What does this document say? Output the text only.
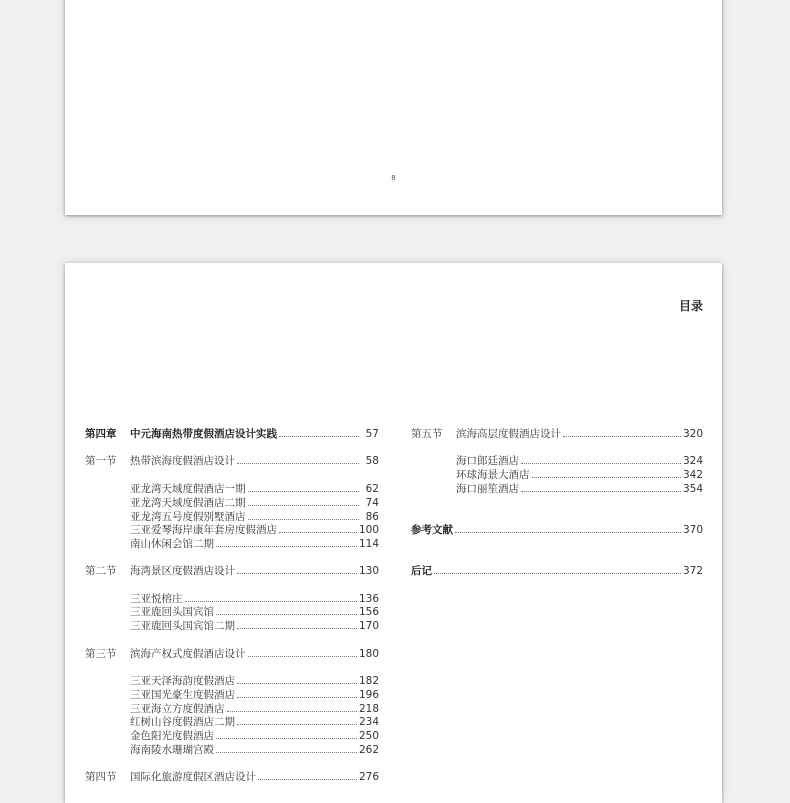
8
目录
第四章	中元海南热带度假酒店设计实践	57
第一节	热带滨海度假酒店设计	58
亚龙湾天域度假酒店一期	62
亚龙湾天域度假酒店二期	74
亚龙湾五号度假别墅酒店	86
三亚爱琴海岸康年套房度假酒店	100
南山休闲会馆二期	114
第二节	海湾景区度假酒店设计	130
三亚悦榕庄	136
三亚鹿回头国宾馆	156
三亚鹿回头国宾馆二期	170
第三节	滨海产权式度假酒店设计	180
三亚天泽海韵度假酒店	182
三亚国光豪生度假酒店	196
三亚海立方度假酒店	218
红树山谷度假酒店二期	234
金色阳光度假酒店	250
海南陵水珊瑚宫殿	262
第四节	国际化旅游度假区酒店设计	276
第五节	滨海高层度假酒店设计	320
海口郎廷酒店	324
环球海景大酒店	342
海口丽笙酒店	354
参考文献	370
后记	372
